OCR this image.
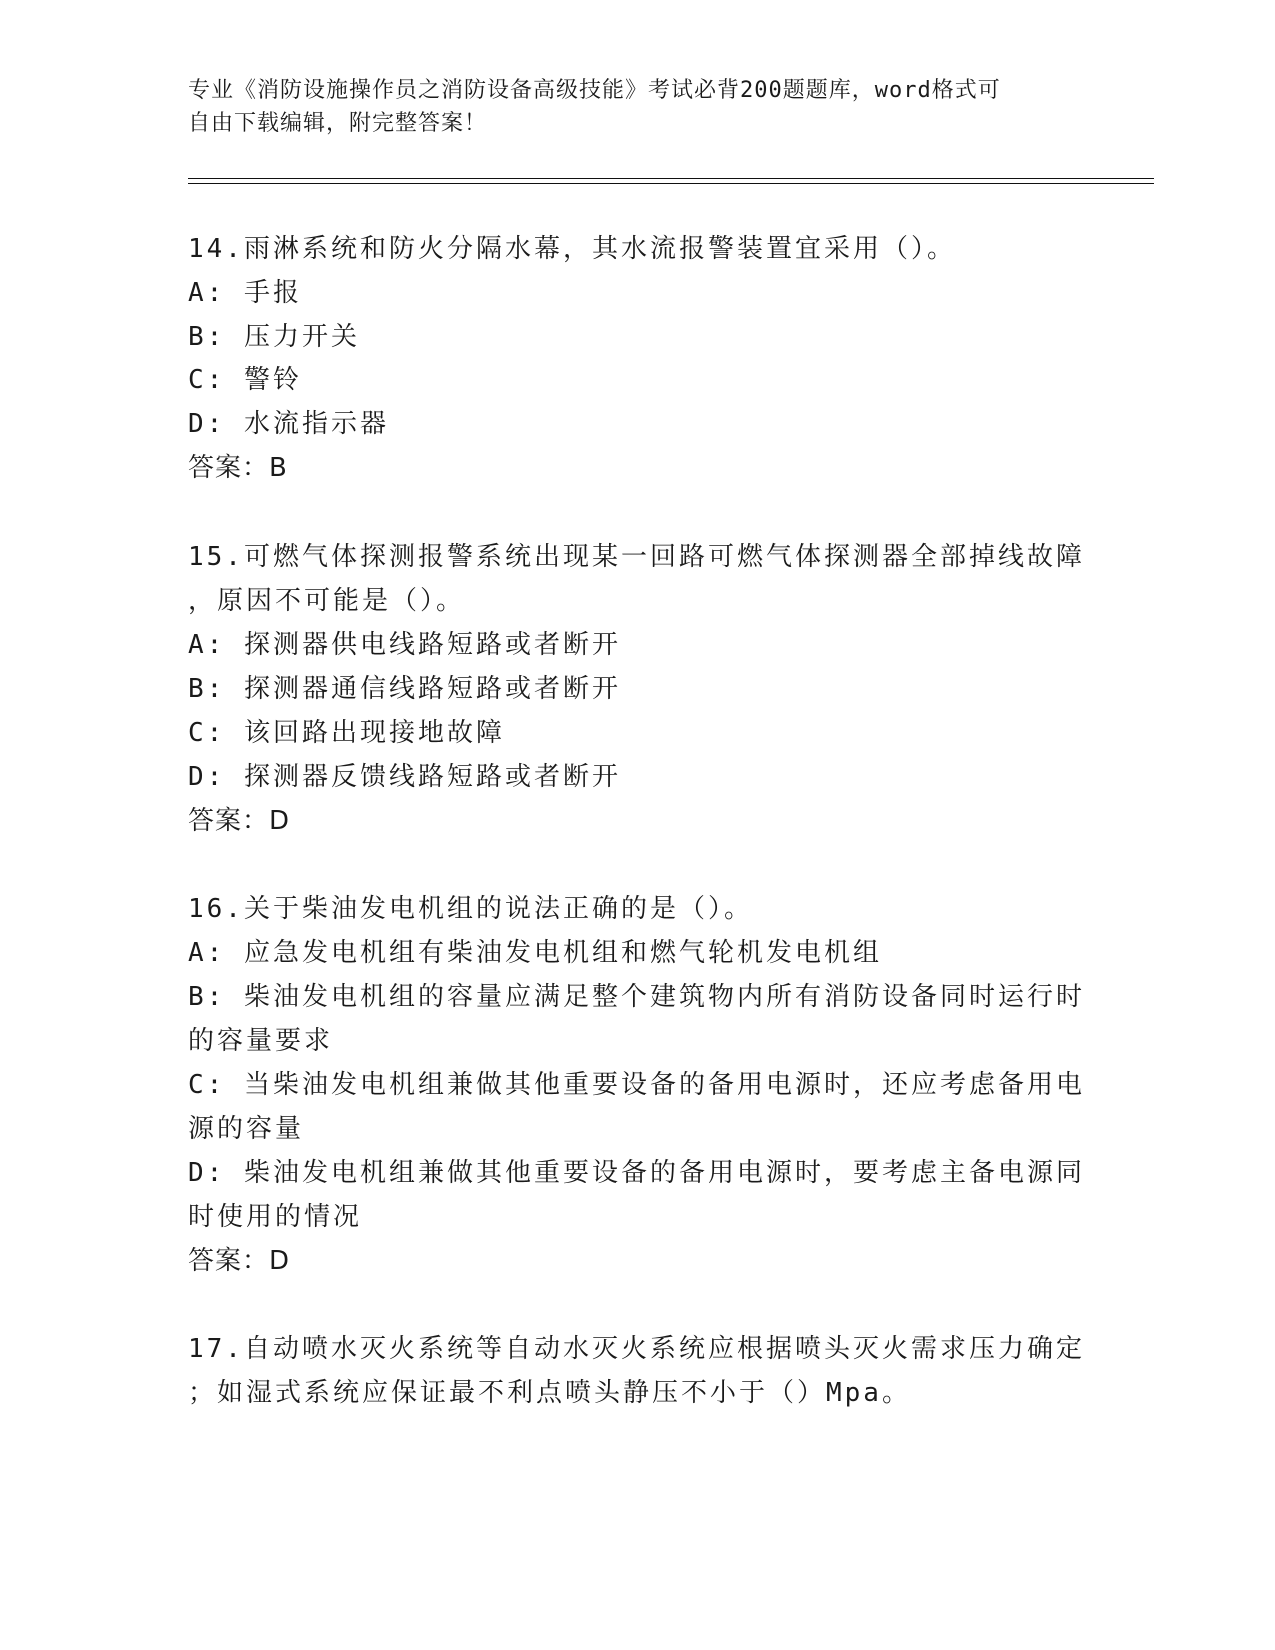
专业《消防设施操作员之消防设备高级技能》考试必背200题题库，word格式可
自由下载编辑，附完整答案！
14.雨淋系统和防火分隔水幕，其水流报警装置宜采用（）。
A: 手报
B: 压力开关
C: 警铃
D: 水流指示器
答案：B
15.可燃气体探测报警系统出现某一回路可燃气体探测器全部掉线故障
，原因不可能是（）。
A: 探测器供电线路短路或者断开
B: 探测器通信线路短路或者断开
C: 该回路出现接地故障
D: 探测器反馈线路短路或者断开
答案：D
16.关于柴油发电机组的说法正确的是（）。
A: 应急发电机组有柴油发电机组和燃气轮机发电机组
B: 柴油发电机组的容量应满足整个建筑物内所有消防设备同时运行时
的容量要求
C: 当柴油发电机组兼做其他重要设备的备用电源时，还应考虑备用电
源的容量
D: 柴油发电机组兼做其他重要设备的备用电源时，要考虑主备电源同
时使用的情况
答案：D
17.自动喷水灭火系统等自动水灭火系统应根据喷头灭火需求压力确定
；如湿式系统应保证最不利点喷头静压不小于（）Mpa。
